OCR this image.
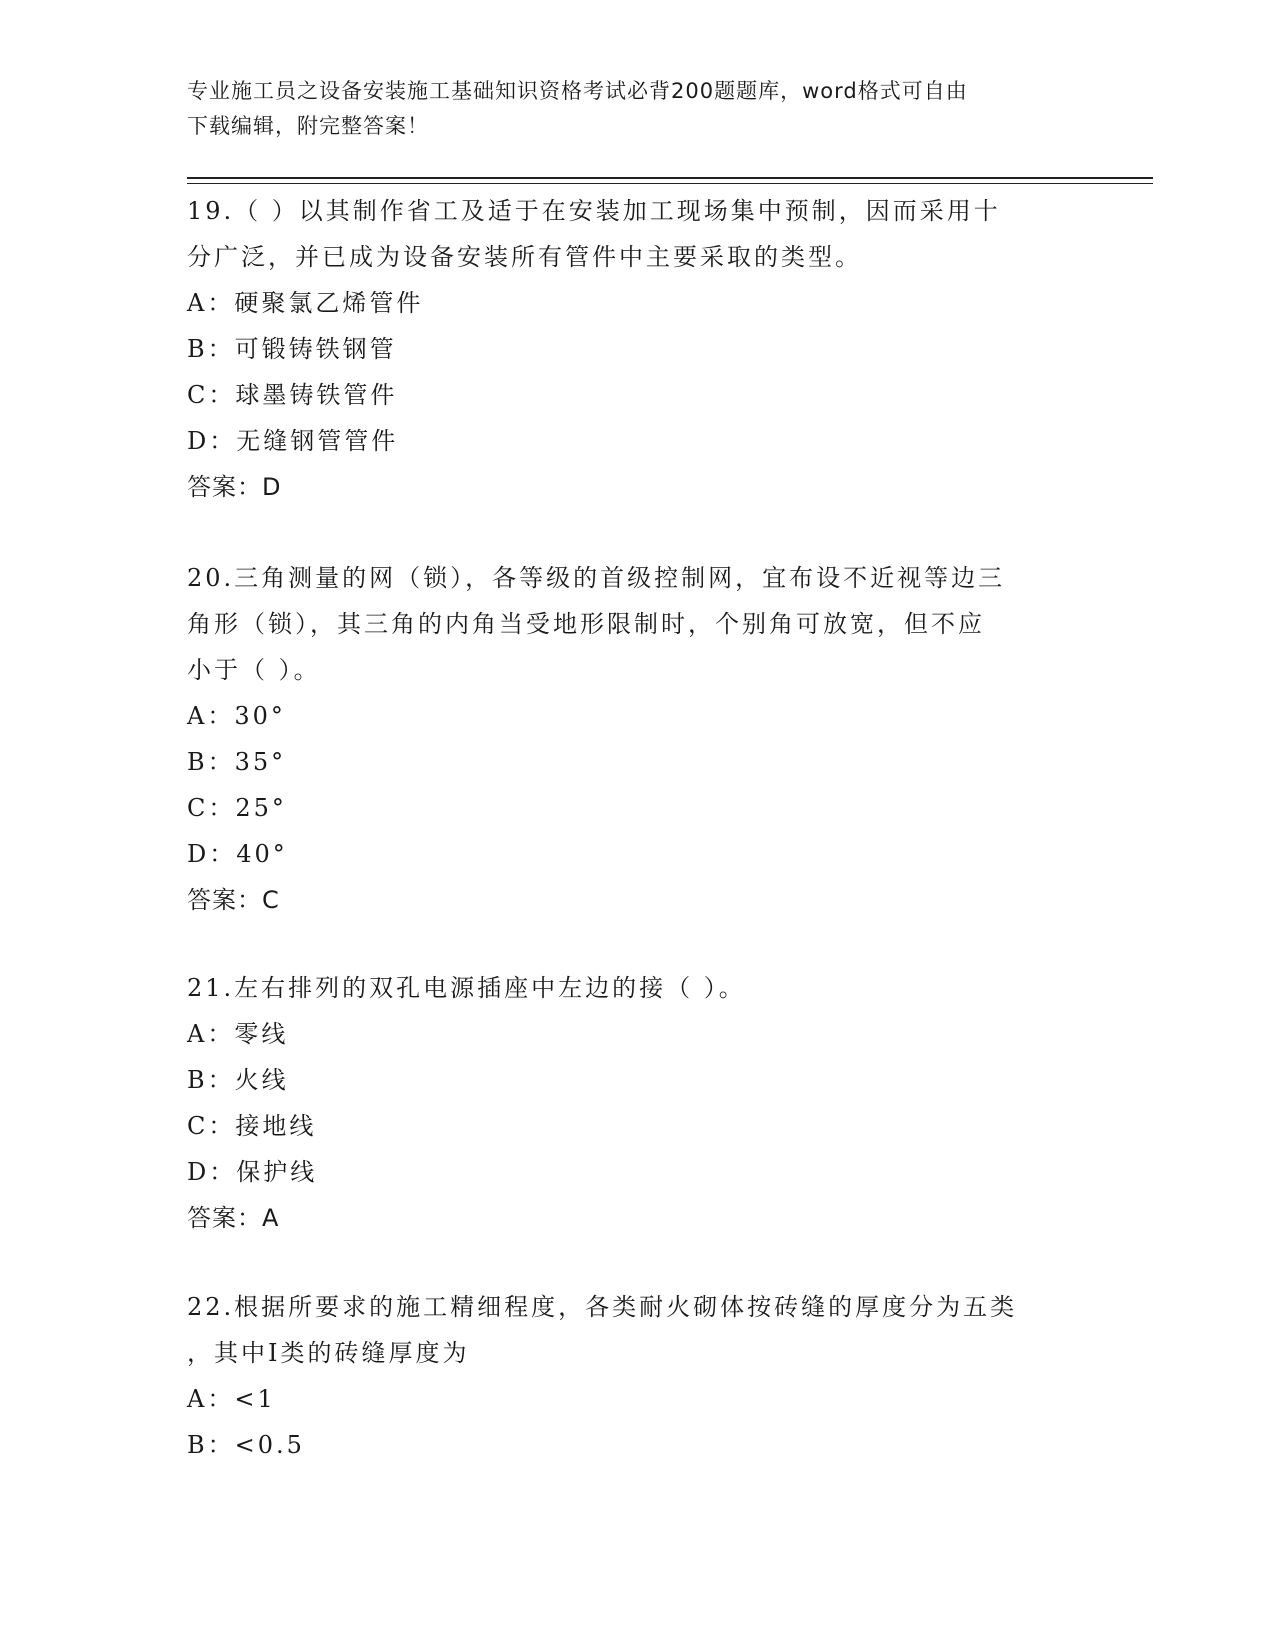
专业施工员之设备安装施工基础知识资格考试必背200题题库，word格式可自由
下载编辑，附完整答案！

19.（ ）以其制作省工及适于在安装加工现场集中预制，因而采用十

分广泛，并已成为设备安装所有管件中主要采取的类型。

A：硬聚氯乙烯管件

B：可锻铸铁钢管

C：球墨铸铁管件

D：无缝钢管管件

答案：D

20.三角测量的网（锁），各等级的首级控制网，宜布设不近视等边三

角形（锁），其三角的内角当受地形限制时，个别角可放宽，但不应

小于（ ）。

A：30°

B：35°

C：25°

D：40°

答案：C

21.左右排列的双孔电源插座中左边的接（ ）。

A：零线

B：火线

C：接地线

D：保护线

答案：A

22.根据所要求的施工精细程度，各类耐火砌体按砖缝的厚度分为五类

，其中Ⅰ类的砖缝厚度为

A：<1

B：<0.5
